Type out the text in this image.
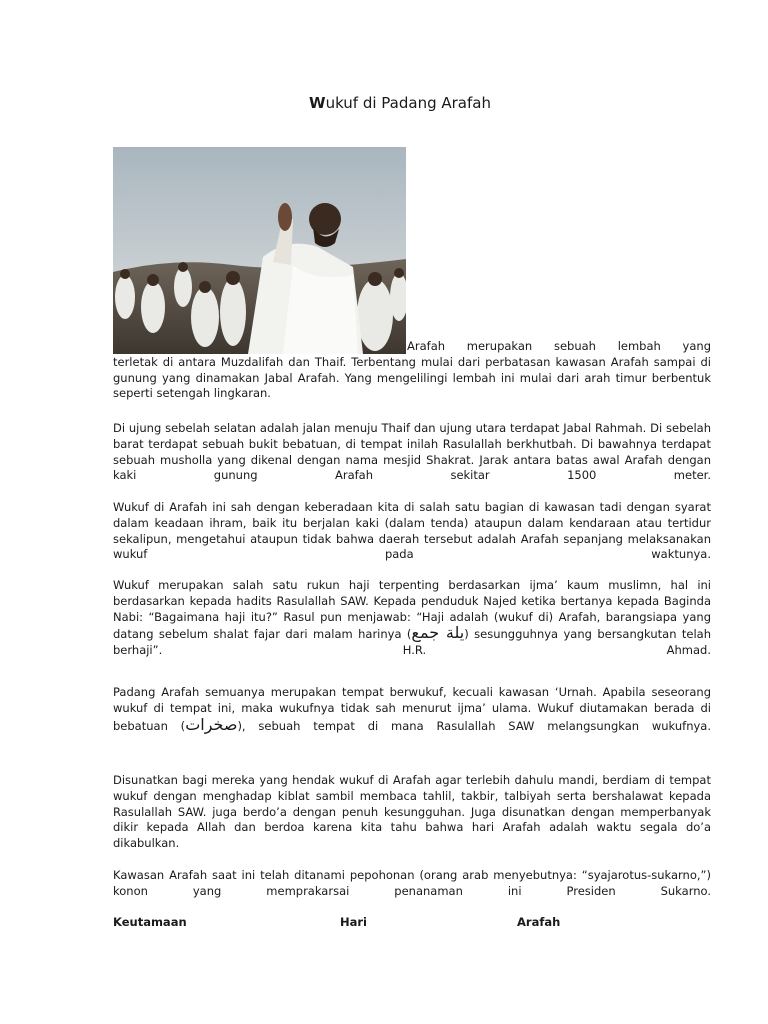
Wukuf di Padang Arafah

Arafah merupakan sebuah lembah yang
terletak di antara Muzdalifah dan Thaif. Terbentang mulai dari perbatasan kawasan Arafah sampai di gunung yang dinamakan Jabal Arafah. Yang mengelilingi lembah ini mulai dari arah timur berbentuk seperti setengah lingkaran.

Di ujung sebelah selatan adalah jalan menuju Thaif dan ujung utara terdapat Jabal Rahmah. Di sebelah barat terdapat sebuah bukit bebatuan, di tempat inilah Rasulallah berkhutbah. Di bawahnya terdapat sebuah musholla yang dikenal dengan nama mesjid Shakrat. Jarak antara batas awal Arafah dengan kaki gunung Arafah sekitar 1500 meter.

Wukuf di Arafah ini sah dengan keberadaan kita di salah satu bagian di kawasan tadi dengan syarat dalam keadaan ihram, baik itu berjalan kaki (dalam tenda) ataupun dalam kendaraan atau tertidur sekalipun, mengetahui ataupun tidak bahwa daerah tersebut adalah Arafah sepanjang melaksanakan wukuf pada waktunya.

Wukuf merupakan salah satu rukun haji terpenting berdasarkan ijma’ kaum muslimn, hal ini berdasarkan kepada hadits Rasulallah SAW. Kepada penduduk Najed ketika bertanya kepada Baginda Nabi: “Bagaimana haji itu?” Rasul pun menjawab: “Haji adalah (wukuf di) Arafah, barangsiapa yang datang sebelum shalat fajar dari malam harinya (يلة جمع) sesungguhnya yang bersangkutan telah berhaji”. H.R. Ahmad.

Padang Arafah semuanya merupakan tempat berwukuf, kecuali kawasan ‘Urnah. Apabila seseorang wukuf di tempat ini, maka wukufnya tidak sah menurut ijma’ ulama. Wukuf diutamakan berada di bebatuan (صخرات), sebuah tempat di mana Rasulallah SAW melangsungkan wukufnya.

Disunatkan bagi mereka yang hendak wukuf di Arafah agar terlebih dahulu mandi, berdiam di tempat wukuf dengan menghadap kiblat sambil membaca tahlil, takbir, talbiyah serta bershalawat kepada Rasulallah SAW. juga berdo’a dengan penuh kesungguhan. Juga disunatkan dengan memperbanyak dikir kepada Allah dan berdoa karena kita tahu bahwa hari Arafah adalah waktu segala do’a dikabulkan.

Kawasan Arafah saat ini telah ditanami pepohonan (orang arab menyebutnya: “syajarotus-sukarno,”) konon yang memprakarsai penanaman ini Presiden Sukarno.

Keutamaan	Hari	Arafah
